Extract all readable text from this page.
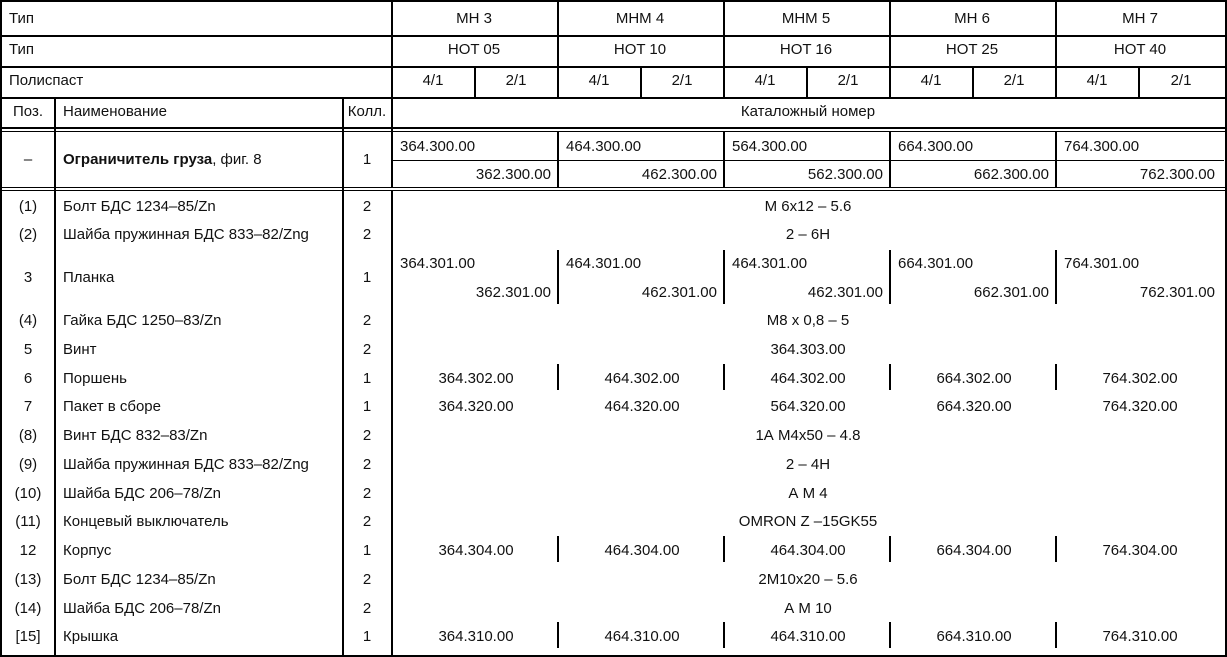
Тип	МН 3	МНМ 4	МНМ 5	МН 6	МН 7
Тип	HOT 05	HOT 10	HOT 16	HOT 25	HOT 40
Полиспаст	4/1	2/1	4/1	2/1	4/1	2/1	4/1	2/1	4/1	2/1
Поз. Наименование	Колл.	Каталожный номер
– Ограничитель груза, фиг. 8	1
364.300.00	464.300.00	564.300.00	664.300.00	764.300.00
362.300.00	462.300.00	562.300.00	662.300.00	762.300.00
(1) Болт БДС 1234–85/Zn	2	М 6х12 – 5.6
(2) Шайба пружинная БДС 833–82/Zng	2	2 – 6Н
3 Планка	1
364.301.00	464.301.00	464.301.00	664.301.00	764.301.00
362.301.00	462.301.00	462.301.00	662.301.00	762.301.00
(4) Гайка БДС 1250–83/Zn	2	М8 х 0,8 – 5
5 Винт	2	364.303.00
6 Поршень	1	364.302.00	464.302.00	464.302.00	664.302.00	764.302.00
7 Пакет в сборе	1	364.320.00	464.320.00	564.320.00	664.320.00	764.320.00
(8) Винт БДС 832–83/Zn	2	1А М4х50 – 4.8
(9) Шайба пружинная БДС 833–82/Zng	2	2 – 4Н
(10) Шайба БДС 206–78/Zn	2	А М 4
(11) Концевый выключатель	2	OMRON Z –15GK55
12 Корпус	1	364.304.00	464.304.00	464.304.00	664.304.00	764.304.00
(13) Болт БДС 1234–85/Zn	2	2М10х20 – 5.6
(14) Шайба БДС 206–78/Zn	2	А М 10
[15] Крышка	1	364.310.00	464.310.00	464.310.00	664.310.00	764.310.00
